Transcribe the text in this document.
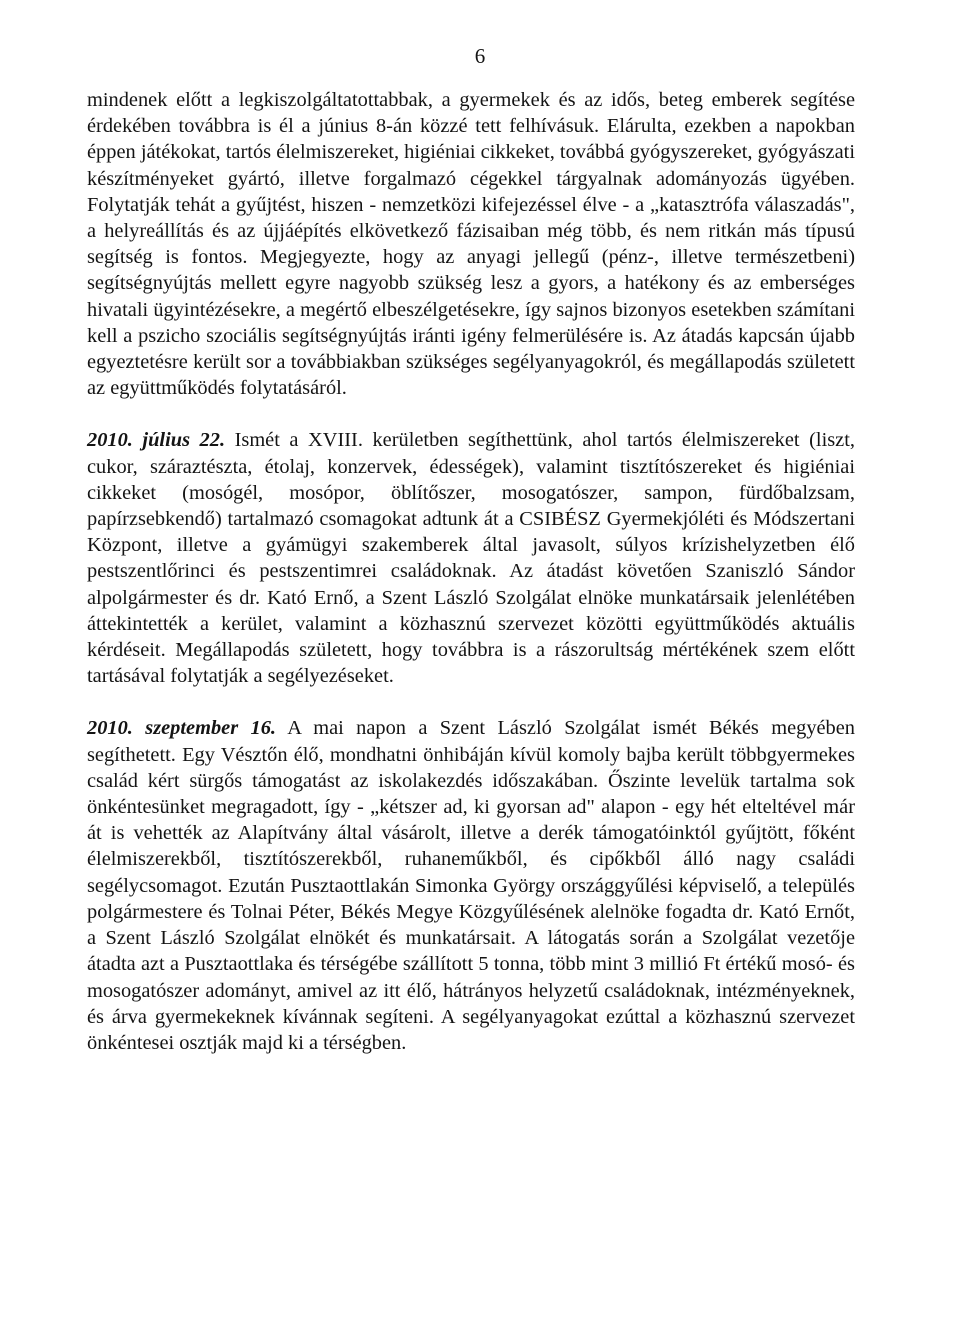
6

mindenek előtt a legkiszolgáltatottabbak, a gyermekek és az idős, beteg emberek segítése érdekében továbbra is él a június 8-án közzé tett felhívásuk. Elárulta, ezekben a napokban éppen játékokat, tartós élelmiszereket, higiéniai cikkeket, továbbá gyógyszereket, gyógyászati készítményeket gyártó, illetve forgalmazó cégekkel tárgyalnak adományozás ügyében. Folytatják tehát a gyűjtést, hiszen - nemzetközi kifejezéssel élve - a „katasztrófa válaszadás", a helyreállítás és az újjáépítés elkövetkező fázisaiban még több, és nem ritkán más típusú segítség is fontos. Megjegyezte, hogy az anyagi jellegű (pénz-, illetve természetbeni) segítségnyújtás mellett egyre nagyobb szükség lesz a gyors, a hatékony és az emberséges hivatali ügyintézésekre, a megértő elbeszélgetésekre, így sajnos bizonyos esetekben számítani kell a pszicho szociális segítségnyújtás iránti igény felmerülésére is. Az átadás kapcsán újabb egyeztetésre került sor a továbbiakban szükséges segélyanyagokról, és megállapodás született az együttműködés folytatásáról.

2010. július 22. Ismét a XVIII. kerületben segíthettünk, ahol tartós élelmiszereket (liszt, cukor, száraztészta, étolaj, konzervek, édességek), valamint tisztítószereket és higiéniai cikkeket (mosógél, mosópor, öblítőszer, mosogatószer, sampon, fürdőbalzsam, papírzsebkendő) tartalmazó csomagokat adtunk át a CSIBÉSZ Gyermekjóléti és Módszertani Központ, illetve a gyámügyi szakemberek által javasolt, súlyos krízishelyzetben élő pestszentlőrinci és pestszentimrei családoknak. Az átadást követően Szaniszló Sándor alpolgármester és dr. Kató Ernő, a Szent László Szolgálat elnöke munkatársaik jelenlétében áttekintették a kerület, valamint a közhasznú szervezet közötti együttműködés aktuális kérdéseit. Megállapodás született, hogy továbbra is a rászorultság mértékének szem előtt tartásával folytatják a segélyezéseket.

2010. szeptember 16. A mai napon a Szent László Szolgálat ismét Békés megyében segíthetett. Egy Vésztőn élő, mondhatni önhibáján kívül komoly bajba került többgyermekes család kért sürgős támogatást az iskolakezdés időszakában. Őszinte levelük tartalma sok önkéntesünket megragadott, így - „kétszer ad, ki gyorsan ad" alapon - egy hét elteltével már át is vehették az Alapítvány által vásárolt, illetve a derék támogatóinktól gyűjtött, főként élelmiszerekből, tisztítószerekből, ruhaneműkből, és cipőkből álló nagy családi segélycsomagot. Ezután Pusztaottlakán Simonka György országgyűlési képviselő, a település polgármestere és Tolnai Péter, Békés Megye Közgyűlésének alelnöke fogadta dr. Kató Ernőt, a Szent László Szolgálat elnökét és munkatársait. A látogatás során a Szolgálat vezetője átadta azt a Pusztaottlaka és térségébe szállított 5 tonna, több mint 3 millió Ft értékű mosó- és mosogatószer adományt, amivel az itt élő, hátrányos helyzetű családoknak, intézményeknek, és árva gyermekeknek kívánnak segíteni. A segélyanyagokat ezúttal a közhasznú szervezet önkéntesei osztják majd ki a térségben.
